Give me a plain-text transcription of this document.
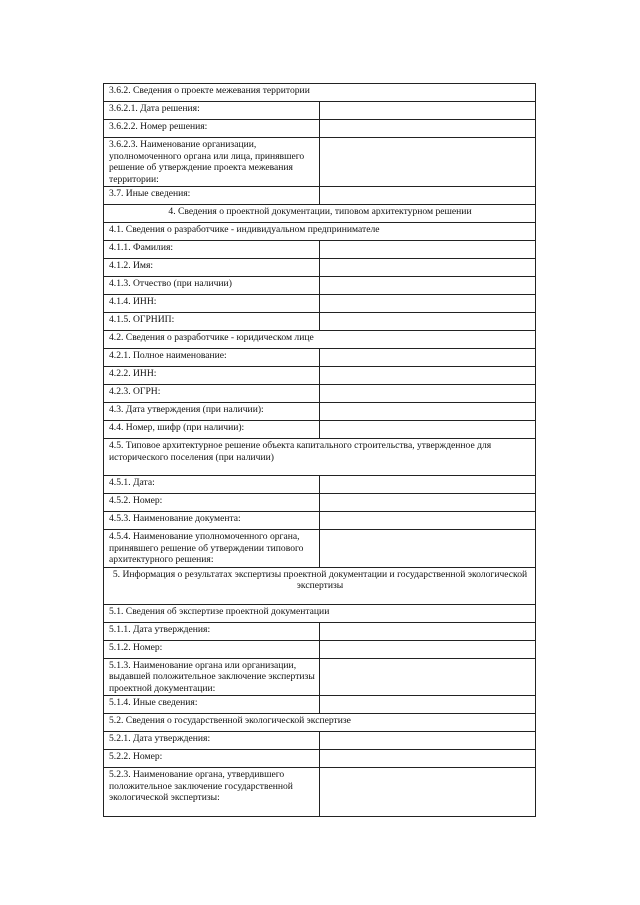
3.6.2. Сведения о проекте межевания территории	
3.6.2.1. Дата решения:	
3.6.2.2. Номер решения:	
3.6.2.3. Наименование организации, уполномоченного органа или лица, принявшего решение об утверждение проекта межевания территории:	
3.7. Иные сведения:	
4. Сведения о проектной документации, типовом архитектурном решении	
4.1. Сведения о разработчике - индивидуальном предпринимателе	
4.1.1. Фамилия:	
4.1.2. Имя:	
4.1.3. Отчество (при наличии)	
4.1.4. ИНН:	
4.1.5. ОГРНИП:	
4.2. Сведения о разработчике - юридическом лице	
4.2.1. Полное наименование:	
4.2.2. ИНН:	
4.2.3. ОГРН:	
4.3. Дата утверждения (при наличии):	
4.4. Номер, шифр (при наличии):	
4.5. Типовое архитектурное решение объекта капитального строительства, утвержденное для исторического поселения (при наличии)	
4.5.1. Дата:	
4.5.2. Номер:	
4.5.3. Наименование документа:	
4.5.4. Наименование уполномоченного органа, принявшего решение об утверждении типового архитектурного решения:	
5. Информация о результатах экспертизы проектной документации и государственной экологической экспертизы	
5.1. Сведения об экспертизе проектной документации	
5.1.1. Дата утверждения:	
5.1.2. Номер:	
5.1.3. Наименование органа или организации, выдавшей положительное заключение экспертизы проектной документации:	
5.1.4. Иные сведения:	
5.2. Сведения о государственной экологической экспертизе	
5.2.1. Дата утверждения:	
5.2.2. Номер:	
5.2.3. Наименование органа, утвердившего положительное заключение государственной экологической экспертизы:	
